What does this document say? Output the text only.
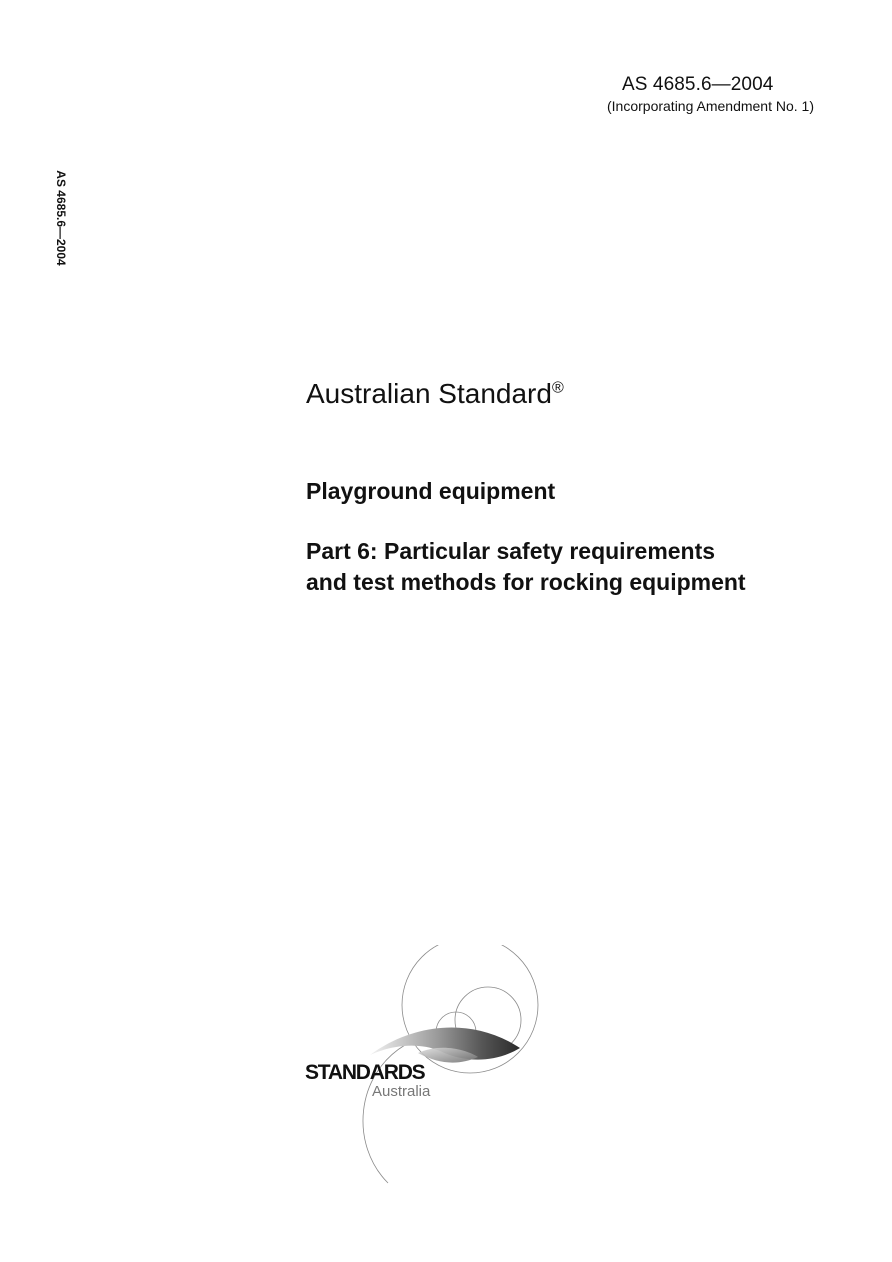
AS 4685.6—2004
(Incorporating Amendment No. 1)
AS 4685.6—2004
Australian Standard®
Playground equipment
Part 6: Particular safety requirements
and test methods for rocking equipment
STANDARDS
Australia
